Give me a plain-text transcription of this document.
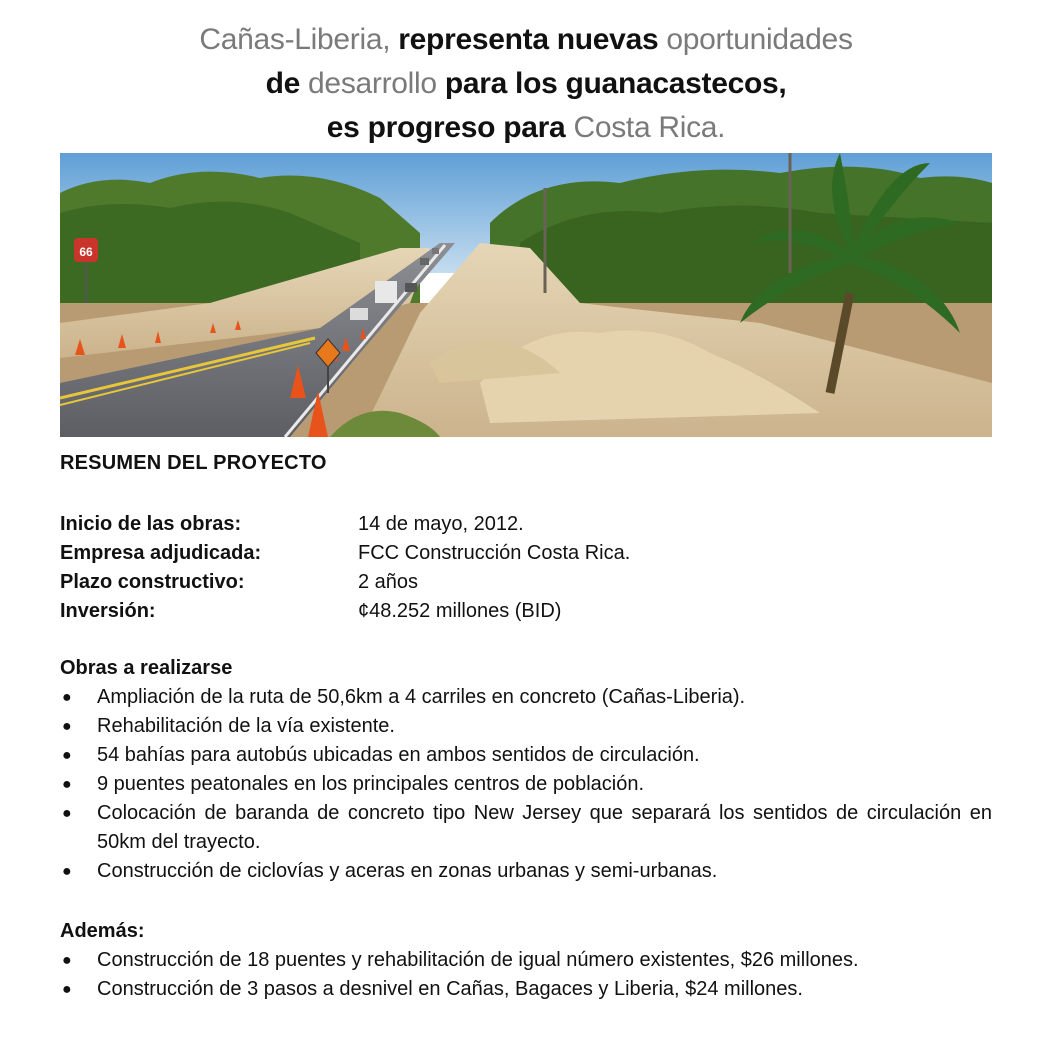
Cañas-Liberia, representa nuevas oportunidades
de desarrollo para los guanacastecos,
es progreso para Costa Rica.
66
RESUMEN DEL PROYECTO
Inicio de las obras:	14 de mayo, 2012.
Empresa adjudicada:	FCC Construcción Costa Rica.
Plazo constructivo:	2 años
Inversión:	¢48.252 millones (BID)
Obras a realizarse
● Ampliación de la ruta de 50,6km a 4 carriles en concreto (Cañas-Liberia).
● Rehabilitación de la vía existente.
● 54 bahías para autobús ubicadas en ambos sentidos de circulación.
● 9 puentes peatonales en los principales centros de población.
● Colocación de baranda de concreto tipo New Jersey que separará los sentidos de circulación en 50km del trayecto.
● Construcción de ciclovías y aceras en zonas urbanas y semi-urbanas.
Además:
● Construcción de 18 puentes y rehabilitación de igual número existentes, $26 millones.
● Construcción de 3 pasos a desnivel en Cañas, Bagaces y Liberia, $24 millones.
